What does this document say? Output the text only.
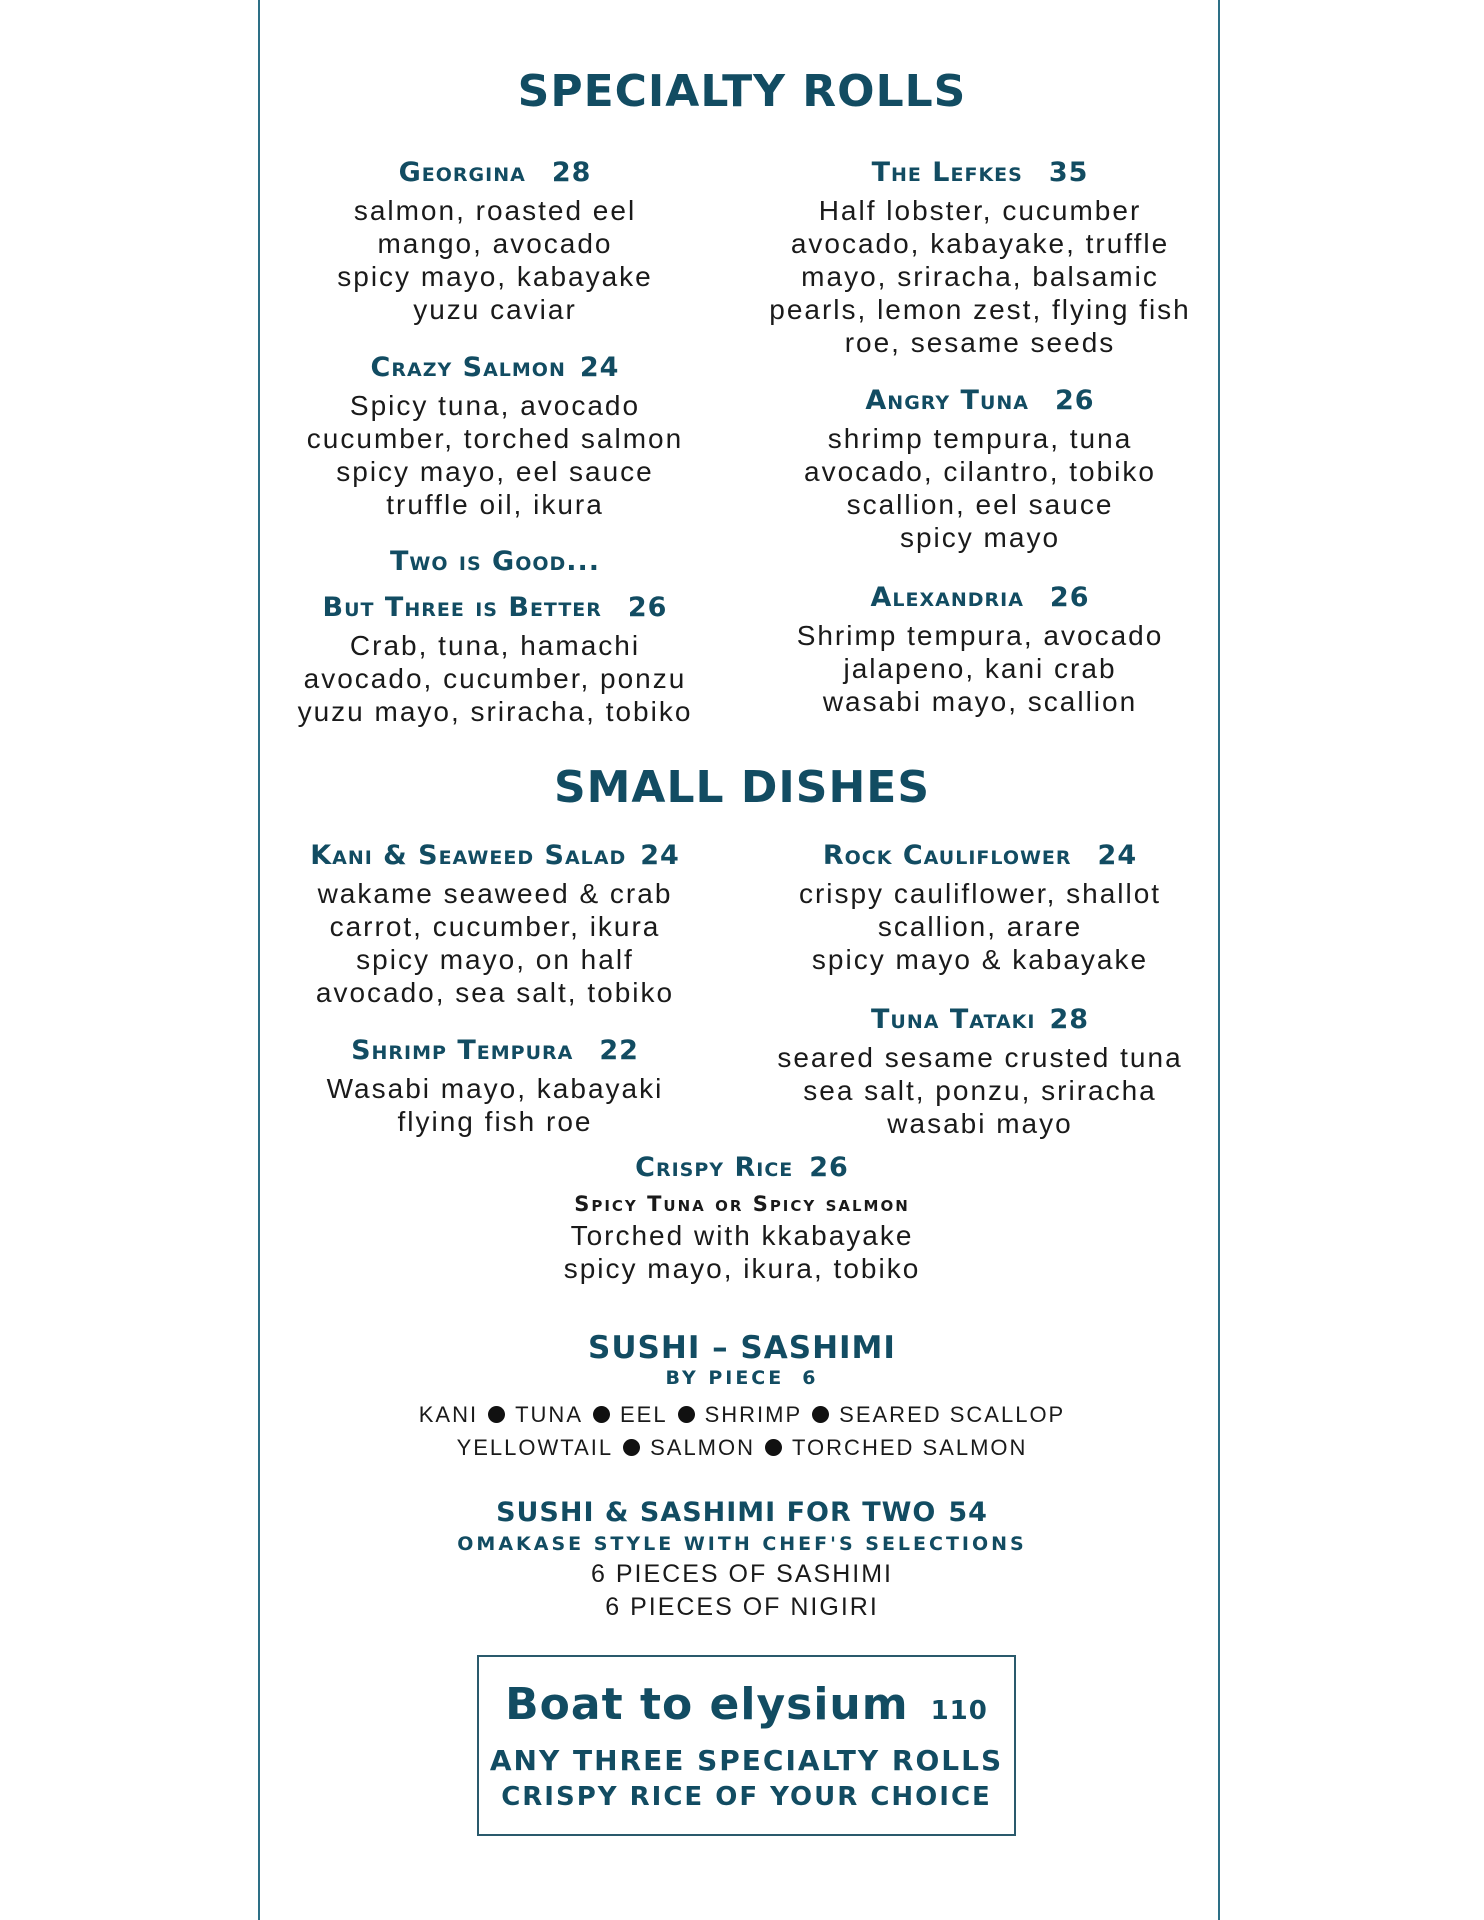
SPECIALTY ROLLS
Georgina 28
salmon, roasted eel
mango, avocado
spicy mayo, kabayake
yuzu caviar
Crazy Salmon 24
Spicy tuna, avocado
cucumber, torched salmon
spicy mayo, eel sauce
truffle oil, ikura
Two is Good...
But Three is Better 26
Crab, tuna, hamachi
avocado, cucumber, ponzu
yuzu mayo, sriracha, tobiko
The Lefkes 35
Half lobster, cucumber
avocado, kabayake, truffle
mayo, sriracha, balsamic
pearls, lemon zest, flying fish
roe, sesame seeds
Angry Tuna 26
shrimp tempura, tuna
avocado, cilantro, tobiko
scallion, eel sauce
spicy mayo
Alexandria 26
Shrimp tempura, avocado
jalapeno, kani crab
wasabi mayo, scallion
SMALL DISHES
Kani & Seaweed Salad 24
wakame seaweed & crab
carrot, cucumber, ikura
spicy mayo, on half
avocado, sea salt, tobiko
Shrimp Tempura 22
Wasabi mayo, kabayaki
flying fish roe
Rock Cauliflower 24
crispy cauliflower, shallot
scallion, arare
spicy mayo & kabayake
Tuna Tataki 28
seared sesame crusted tuna
sea salt, ponzu, sriracha
wasabi mayo
Crispy Rice 26
Spicy Tuna or Spicy salmon
Torched with kkabayake
spicy mayo, ikura, tobiko
SUSHI – SASHIMI
BY PIECE 6
KANI TUNA EEL SHRIMP SEARED SCALLOP
YELLOWTAIL SALMON TORCHED SALMON
SUSHI & SASHIMI FOR TWO 54
OMAKASE STYLE WITH CHEF'S SELECTIONS
6 PIECES OF SASHIMI
6 PIECES OF NIGIRI
Boat to elysium 110
ANY THREE SPECIALTY ROLLS
CRISPY RICE OF YOUR CHOICE
